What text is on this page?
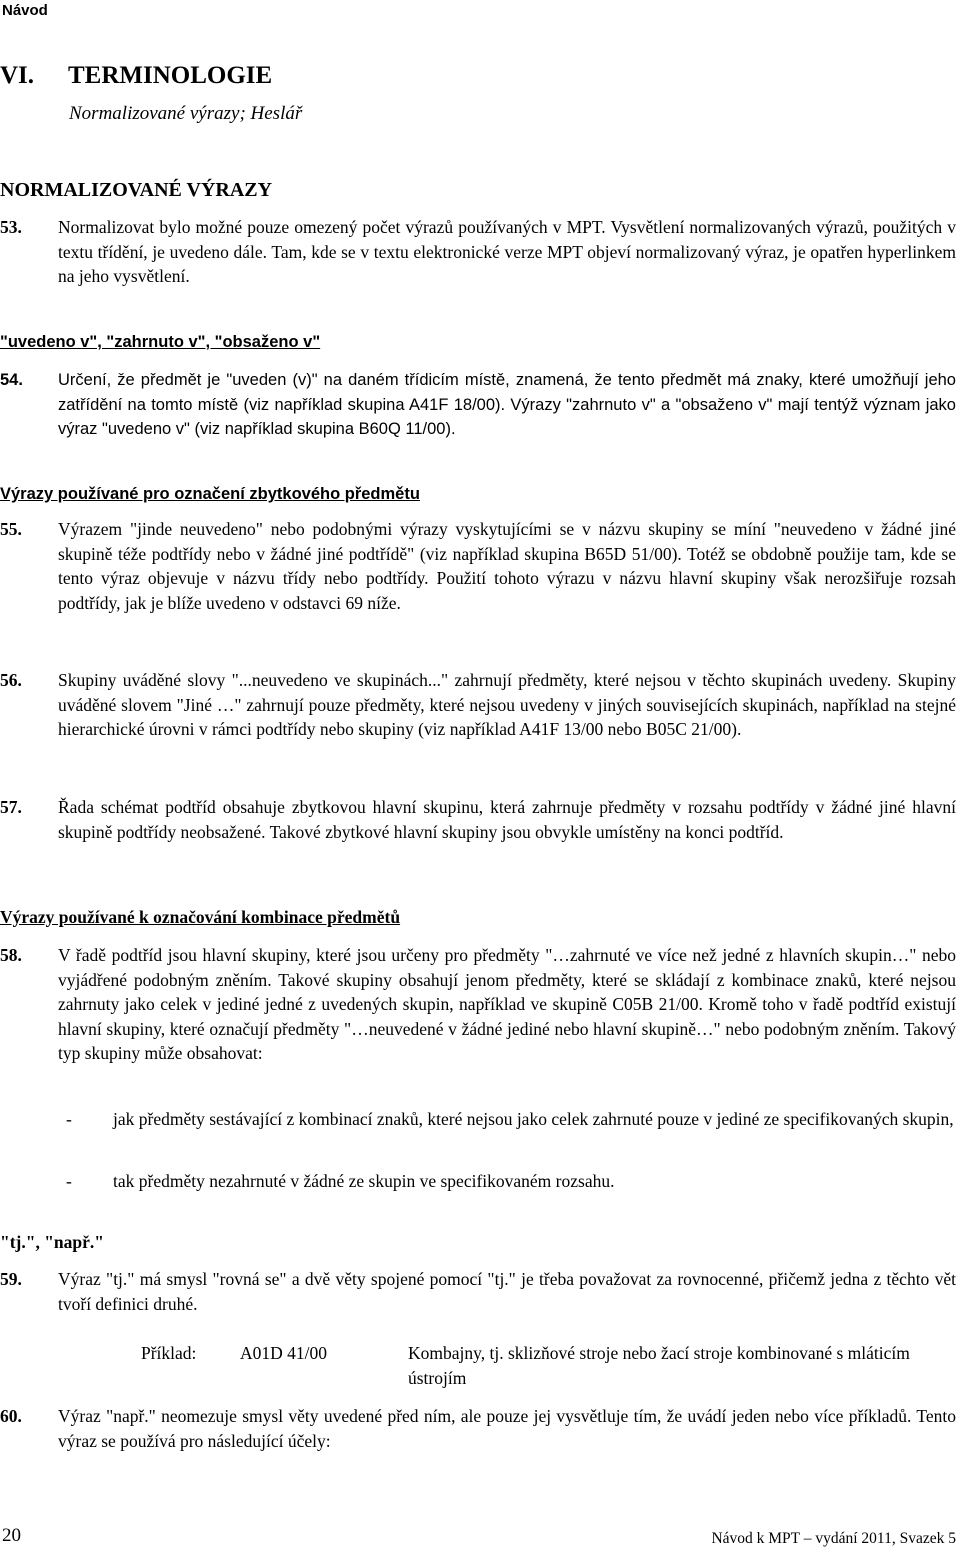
Návod
VI. TERMINOLOGIE
Normalizované výrazy; Heslář
NORMALIZOVANÉ VÝRAZY
53. Normalizovat bylo možné pouze omezený počet výrazů používaných v MPT. Vysvětlení normalizovaných výrazů, použitých v textu třídění, je uvedeno dále. Tam, kde se v textu elektronické verze MPT objeví normalizovaný výraz, je opatřen hyperlinkem na jeho vysvětlení.
"uvedeno v", "zahrnuto v", "obsaženo v"
54. Určení, že předmět je "uveden (v)" na daném třídicím místě, znamená, že tento předmět má znaky, které umožňují jeho zatřídění na tomto místě (viz například skupina A41F 18/00). Výrazy "zahrnuto v" a "obsaženo v" mají tentýž význam jako výraz "uvedeno v" (viz například skupina B60Q 11/00).
Výrazy používané pro označení zbytkového předmětu
55. Výrazem "jinde neuvedeno" nebo podobnými výrazy vyskytujícími se v názvu skupiny se míní "neuvedeno v žádné jiné skupině téže podtřídy nebo v žádné jiné podtřídě" (viz například skupina B65D 51/00). Totéž se obdobně použije tam, kde se tento výraz objevuje v názvu třídy nebo podtřídy. Použití tohoto výrazu v názvu hlavní skupiny však nerozšiřuje rozsah podtřídy, jak je blíže uvedeno v odstavci 69 níže.
56. Skupiny uváděné slovy "...neuvedeno ve skupinách..." zahrnují předměty, které nejsou v těchto skupinách uvedeny. Skupiny uváděné slovem "Jiné …" zahrnují pouze předměty, které nejsou uvedeny v jiných souvisejících skupinách, například na stejné hierarchické úrovni v rámci podtřídy nebo skupiny (viz například A41F 13/00 nebo B05C 21/00).
57. Řada schémat podtříd obsahuje zbytkovou hlavní skupinu, která zahrnuje předměty v rozsahu podtřídy v žádné jiné hlavní skupině podtřídy neobsažené. Takové zbytkové hlavní skupiny jsou obvykle umístěny na konci podtříd.
Výrazy používané k označování kombinace předmětů
58. V řadě podtříd jsou hlavní skupiny, které jsou určeny pro předměty "…zahrnuté ve více než jedné z hlavních skupin…" nebo vyjádřené podobným zněním. Takové skupiny obsahují jenom předměty, které se skládají z kombinace znaků, které nejsou zahrnuty jako celek v jediné jedné z uvedených skupin, například ve skupině C05B 21/00. Kromě toho v řadě podtříd existují hlavní skupiny, které označují předměty "…neuvedené v žádné jediné nebo hlavní skupině…" nebo podobným zněním. Takový typ skupiny může obsahovat:
- jak předměty sestávající z kombinací znaků, které nejsou jako celek zahrnuté pouze v jediné ze specifikovaných skupin,
- tak předměty nezahrnuté v žádné ze skupin ve specifikovaném rozsahu.
"tj.", "např."
59. Výraz "tj." má smysl "rovná se" a dvě věty spojené pomocí "tj." je třeba považovat za rovnocenné, přičemž jedna z těchto vět tvoří definici druhé.
Příklad: A01D 41/00	Kombajny, tj. sklizňové stroje nebo žací stroje kombinované s mláticím ústrojím
60. Výraz "např." neomezuje smysl věty uvedené před ním, ale pouze jej vysvětluje tím, že uvádí jeden nebo více příkladů. Tento výraz se používá pro následující účely:
20	Návod k MPT – vydání 2011, Svazek 5
